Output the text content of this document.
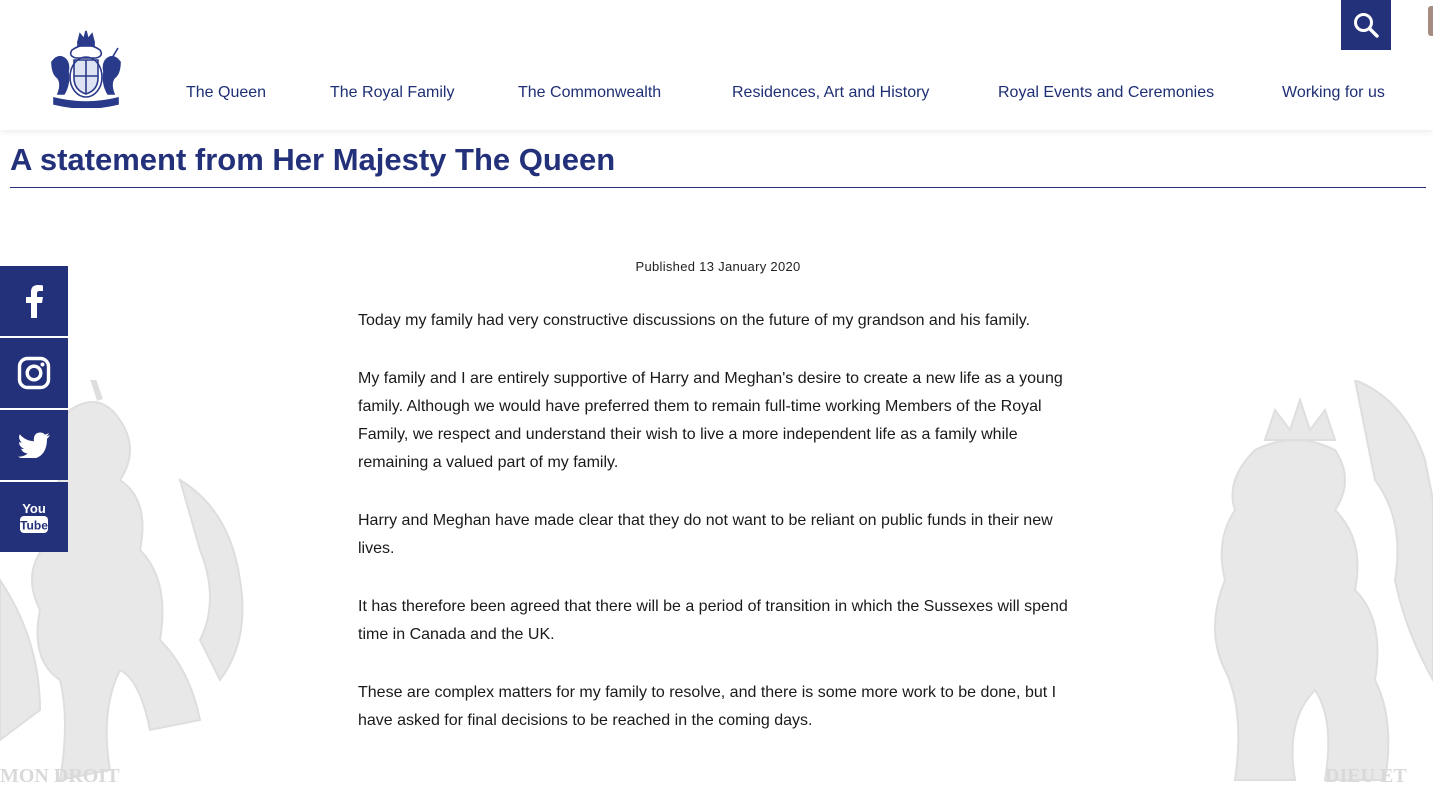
The Queen	The Royal Family	The Commonwealth	Residences, Art and History	Royal Events and Ceremonies	Working for us
A statement from Her Majesty The Queen
MON DROIT	DIEU ET
You
Tube
Published 13 January 2020

Today my family had very constructive discussions on the future of my grandson and his family.

My family and I are entirely supportive of Harry and Meghan's desire to create a new life as a young family. Although we would have preferred them to remain full-time working Members of the Royal Family, we respect and understand their wish to live a more independent life as a family while remaining a valued part of my family.

Harry and Meghan have made clear that they do not want to be reliant on public funds in their new lives.

It has therefore been agreed that there will be a period of transition in which the Sussexes will spend time in Canada and the UK.

These are complex matters for my family to resolve, and there is some more work to be done, but I have asked for final decisions to be reached in the coming days.
